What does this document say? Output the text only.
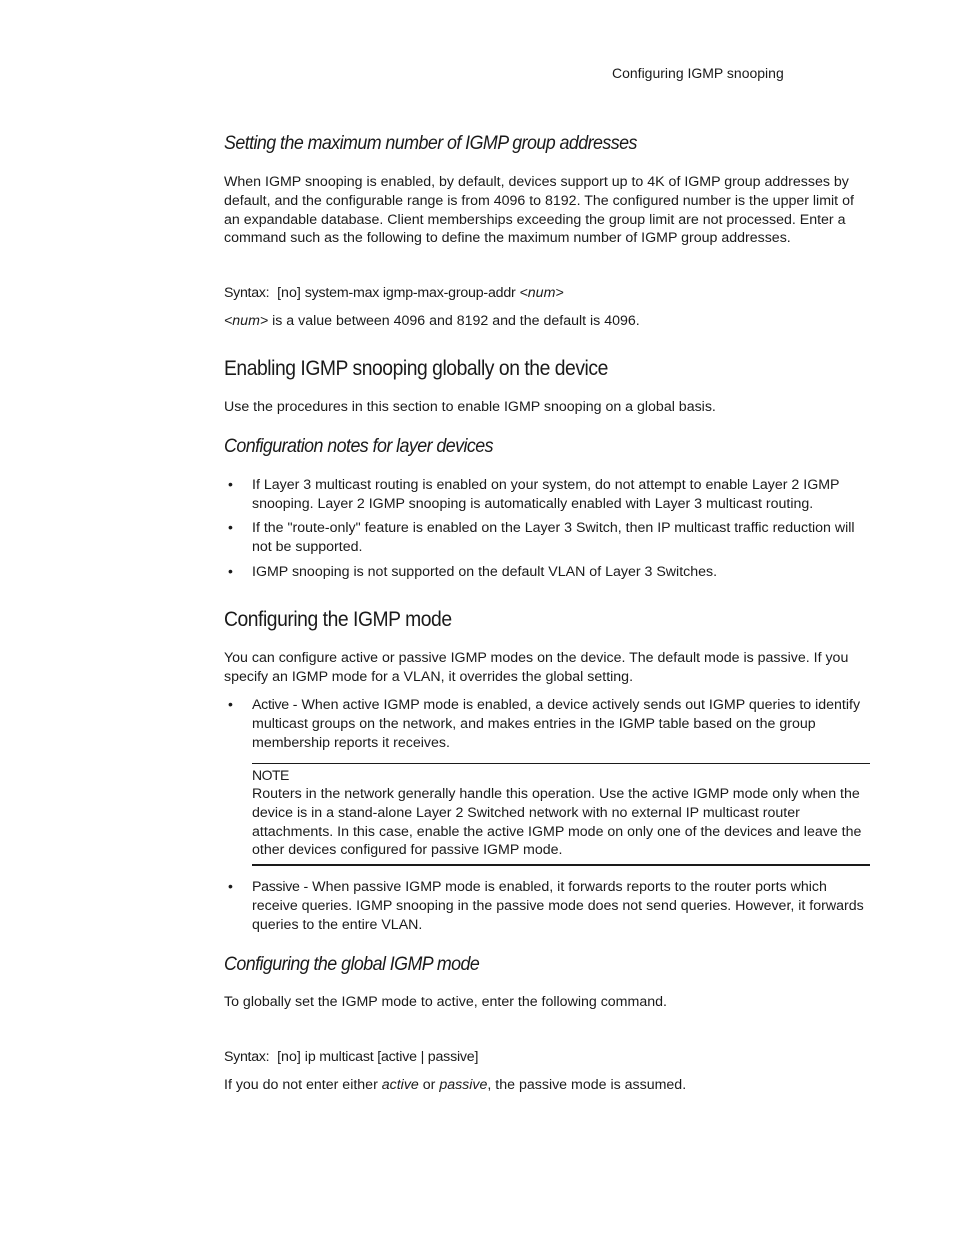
Configuring IGMP snooping
Setting the maximum number of IGMP group addresses

When IGMP snooping is enabled, by default, devices support up to 4K of IGMP group addresses by default, and the configurable range is from 4096 to 8192. The configured number is the upper limit of an expandable database. Client memberships exceeding the group limit are not processed. Enter a command such as the following to define the maximum number of IGMP group addresses.

Syntax: [no] system-max igmp-max-group-addr <num>

<num> is a value between 4096 and 8192 and the default is 4096.

Enabling IGMP snooping globally on the device

Use the procedures in this section to enable IGMP snooping on a global basis.

Configuration notes for layer devices
• If Layer 3 multicast routing is enabled on your system, do not attempt to enable Layer 2 IGMP snooping. Layer 2 IGMP snooping is automatically enabled with Layer 3 multicast routing.

• If the "route-only" feature is enabled on the Layer 3 Switch, then IP multicast traffic reduction will not be supported.

• IGMP snooping is not supported on the default VLAN of Layer 3 Switches.

Configuring the IGMP mode

You can configure active or passive IGMP modes on the device. The default mode is passive. If you specify an IGMP mode for a VLAN, it overrides the global setting.

• Active - When active IGMP mode is enabled, a device actively sends out IGMP queries to identify multicast groups on the network, and makes entries in the IGMP table based on the group membership reports it receives.

NOTE

Routers in the network generally handle this operation. Use the active IGMP mode only when the device is in a stand-alone Layer 2 Switched network with no external IP multicast router attachments. In this case, enable the active IGMP mode on only one of the devices and leave the other devices configured for passive IGMP mode.

• Passive - When passive IGMP mode is enabled, it forwards reports to the router ports which receive queries. IGMP snooping in the passive mode does not send queries. However, it forwards queries to the entire VLAN.

Configuring the global IGMP mode

To globally set the IGMP mode to active, enter the following command.

Syntax: [no] ip multicast [active | passive]

If you do not enter either active or passive, the passive mode is assumed.
